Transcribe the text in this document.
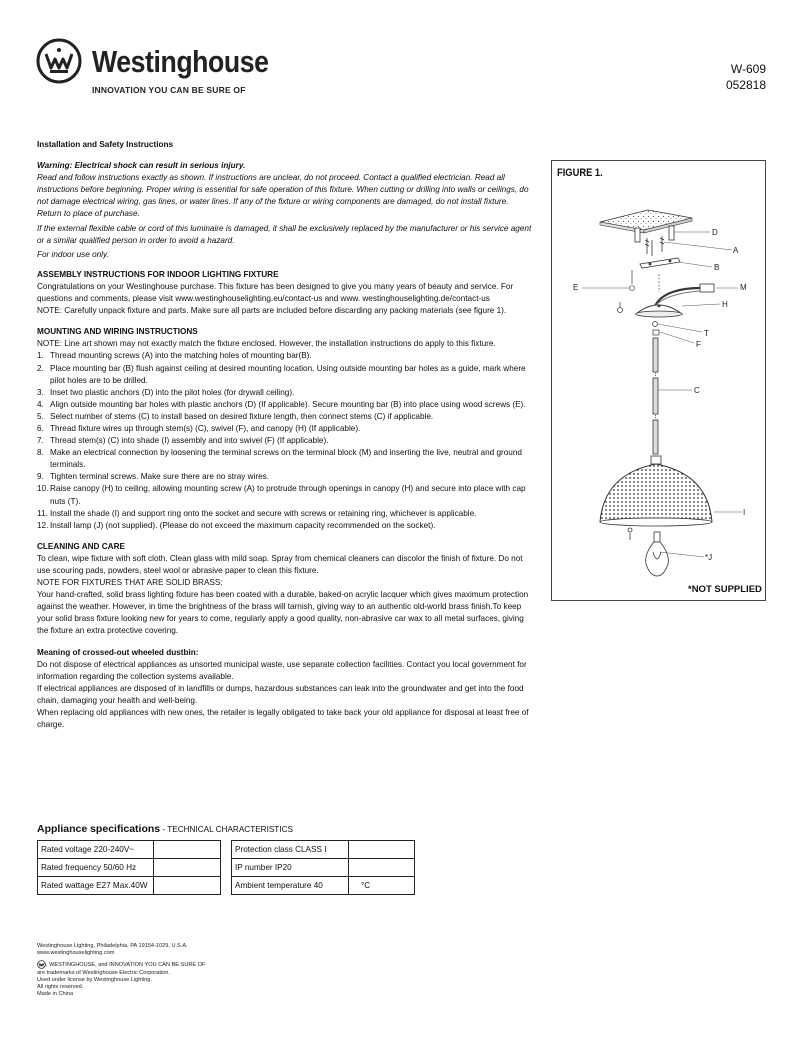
Westinghouse
INNOVATION YOU CAN BE SURE OF
W-609
052818

Installation and Safety Instructions

Warning: Electrical shock can result in serious injury.

Read and follow instructions exactly as shown. If instructions are unclear, do not proceed. Contact a qualified electrician. Read all instructions before beginning. Proper wiring is essential for safe operation of this fixture. When cutting or drilling into walls or ceilings, do not damage electrical wiring, gas lines, or water lines. If any of the fixture or wiring components are damaged, do not install fixture. Return to place of purchase.

If the external flexible cable or cord of this luminaire is damaged, it shall be exclusively replaced by the manufacturer or his service agent or a similar qualified person in order to avoid a hazard.

For indoor use only.

ASSEMBLY INSTRUCTIONS FOR INDOOR LIGHTING FIXTURE

Congratulations on your Westinghouse purchase. This fixture has been designed to give you many years of beauty and service. For questions and comments, please visit www.westinghouselighting.eu/contact-us and www. westinghouselighting.de/contact-us

NOTE: Carefully unpack fixture and parts. Make sure all parts are included before discarding any packing materials (see figure 1).

MOUNTING AND WIRING INSTRUCTIONS

NOTE: Line art shown may not exactly match the fixture enclosed. However, the installation instructions do apply to this fixture.

1. Thread mounting screws (A) into the matching holes of mounting bar(B).
2. Place mounting bar (B) flush against ceiling at desired mounting location. Using outside mounting bar holes as a guide, mark where pilot holes are to be drilled.
3. Inset two plastic anchors (D) into the pilot holes (for drywall ceiling).
4. Align outside mounting bar holes with plastic anchors (D) (If applicable). Secure mounting bar (B) into place using wood screws (E).
5. Select number of stems (C) to install based on desired fixture length, then connect stems (C) if applicable.
6. Thread fixture wires up through stem(s) (C), swivel (F), and canopy (H) (If applicable).
7. Thread stem(s) (C) into shade (I) assembly and into swivel (F) (If applicable).
8. Make an electrical connection by loosening the terminal screws on the terminal block (M) and inserting the live, neutral and ground terminals.
9. Tighten terminal screws. Make sure there are no stray wires.
10. Raise canopy (H) to ceiling, allowing mounting screw (A) to protrude through openings in canopy (H) and secure into place with cap nuts (T).
11. Install the shade (I) and support ring onto the socket and secure with screws or retaining ring, whichever is applicable.
12. Install lamp (J) (not supplied). (Please do not exceed the maximum capacity recommended on the socket).

CLEANING AND CARE

To clean, wipe fixture with soft cloth. Clean glass with mild soap. Spray from chemical cleaners can discolor the finish of fixture. Do not use scouring pads, powders, steel wool or abrasive paper to clean this fixture.

NOTE FOR FIXTURES THAT ARE SOLID BRASS:

Your hand-crafted, solid brass lighting fixture has been coated with a durable, baked-on acrylic lacquer which gives maximum protection against the weather. However, in time the brightness of the brass will tarnish, giving way to an authentic old-world brass finish.To keep your solid brass fixture looking new for years to come, regularly apply a good quality, non-abrasive car wax to all metal surfaces, giving the fixture an extra protective covering.

Meaning of crossed-out wheeled dustbin:

Do not dispose of electrical appliances as unsorted municipal waste, use separate collection facilities. Contact you local government for information regarding the collection systems available.

If electrical appliances are disposed of in landfills or dumps, hazardous substances can leak into the groundwater and get into the food chain, damaging your health and well-being.

When replacing old appliances with new ones, the retailer is legally obligated to take back your old appliance for disposal at least free of charge.

Appliance specifications - TECHNICAL CHARACTERISTICS
Rated voltage 220-240V~	
Rated frequency 50/60 Hz	
Rated wattage E27 Max.40W	
Protection class CLASS I	
IP number IP20	
Ambient temperature 40	°C
Westinghouse Lighting, Philadelphia, PA 19154-1029, U.S.A.
www.westinghouselighting.com
, WESTINGHOUSE, and INNOVATION YOU CAN BE SURE OF
are trademarks of Westinghouse Electric Corporation.
Used under license by Westinghouse Lighting.
All rights reserved.
Made in China
FIGURE 1.
D
A
B
E	M
H
T
F
C
I
*J
*NOT SUPPLIED
